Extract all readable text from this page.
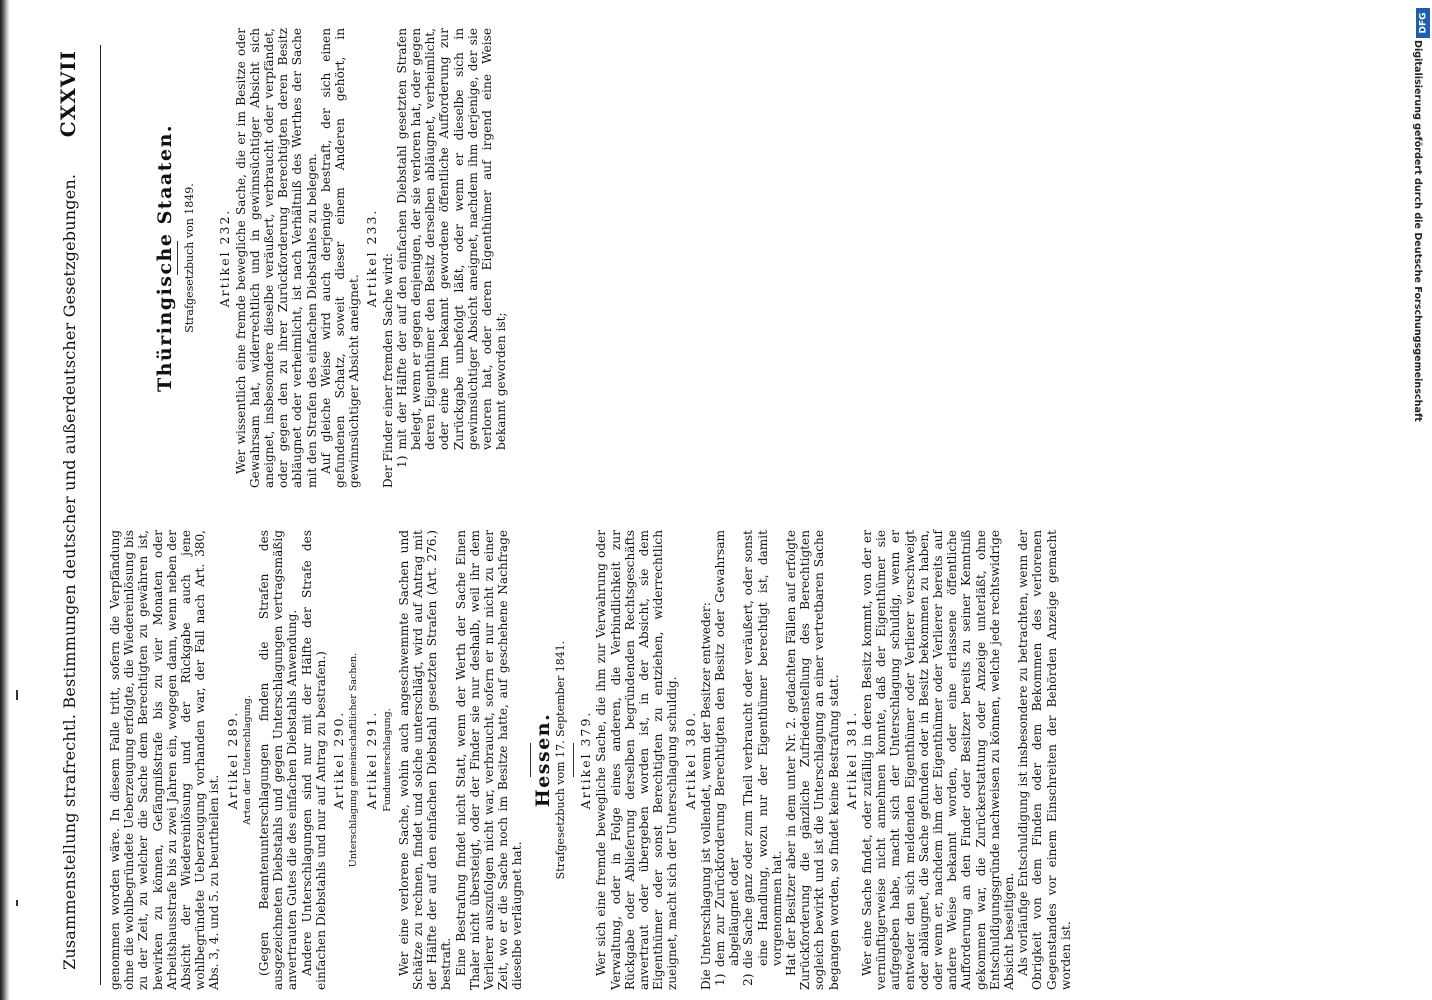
Zusammenstellung strafrechtl. Bestimmungen deutscher und außerdeutscher Gesetzgebungen.
CXXVII

genommen worden wäre. In diesem Falle tritt, sofern die Verpfändung ohne die wohlbegründete Ueberzeugung erfolgte, die Wiedereinlösung bis zu der Zeit, zu welcher die Sache dem Berechtigten zu gewähren ist, bewirken zu können, Gefängnißstrafe bis zu vier Monaten oder Arbeitshausstrafe bis zu zwei Jahren ein, wogegen dann, wenn neben der Absicht der Wiedereinlösung und der Rückgabe auch jene wohlbegründete Ueberzeugung vorhanden war, der Fall nach Art. 380, Abs. 3, 4. und 5. zu beurtheilen ist.

Artikel 289. Arten der Unterschlagung. (Gegen Beamtenunterschlagungen finden die Strafen des ausgezeichneten Diebstahls und gegen Unterschlagungen vertragsmäßig anvertrauten Gutes die des einfachen Diebstahls Anwendung. Andere Unterschlagungen sind nur mit der Hälfte der Strafe des einfachen Diebstahls und nur auf Antrag zu bestrafen.) Artikel 290. Unterschlagung gemeinschaftlicher Sachen. Artikel 291. Fundunterschlagung. Wer eine verlorene Sache, wohin auch angeschwemmte Sachen und Schätze zu rechnen, findet und solche unterschlägt, wird auf Antrag mit der Hälfte der auf den einfachen Diebstahl gesetzten Strafen (Art. 276.) bestraft. Eine Bestrafung findet nicht Statt, wenn der Werth der Sache Einen Thaler nicht übersteigt, oder der Finder sie nur deshalb, weil ihr dem Verlierer auszufolgen nicht war, verbraucht, sofern er nur nicht zu einer Zeit, wo er die Sache noch im Besitze hatte, auf geschehene Nachfrage dieselbe verläugnet hat.

Hessen. Strafgesetzbuch vom 17. September 1841. Artikel 379. Wer sich eine fremde bewegliche Sache, die ihm zur Verwahrung oder Verwaltung, oder in Folge eines anderen, die Verbindlichkeit zur Rückgabe oder Ablieferung derselben begründenden Rechtsgeschäfts anvertraut oder übergeben worden ist, in der Absicht, sie dem Eigenthümer oder sonst Berechtigten zu entziehen, widerrechtlich zueignet, macht sich der Unterschlagung schuldig. Artikel 380. Die Unterschlagung ist vollendet, wenn der Besitzer entweder: 1) dem zur Zurückforderung Berechtigten den Besitz oder Gewahrsam abgeläugnet oder 2) die Sache ganz oder zum Theil verbraucht oder veräußert, oder sonst eine Handlung, wozu nur der Eigenthümer berechtigt ist, damit vorgenommen hat. Hat der Besitzer aber in dem unter Nr. 2. gedachten Fällen auf erfolgte Zurückforderung die gänzliche Zufriedenstellung des Berechtigten sogleich bewirkt und ist die Unterschlagung an einer vertretbaren Sache begangen worden, so findet keine Bestrafung statt. Artikel 381. Wer eine Sache findet, oder zufällig in deren Besitz kommt, von der er vernünftigerweise nicht annehmen konnte, daß der Eigenthümer sie aufgegeben habe, macht sich der Unterschlagung schuldig, wenn er entweder den sich meldenden Eigenthümer oder Verlierer verschweigt oder abläugnet, die Sache gefunden oder in Besitz bekommen zu haben, oder wenn er, nachdem ihm der Eigenthümer oder Verlierer bereits auf andere Weise bekannt worden, oder eine erlassene öffentliche Aufforderung an den Finder oder Besitzer bereits zu seiner Kenntniß gekommen war, die Zurückerstattung oder Anzeige unterläßt, ohne Entschuldigungsgründe nachweisen zu können, welche jede rechtswidrige Absicht beseitigen. Als vorläufige Entschuldigung ist insbesondere zu betrachten, wenn der Obrigkeit von dem Finden oder dem Bekommen des verlorenen Gegenstandes vor einem Einschreiten der Behörden Anzeige gemacht worden ist.

Thüringische Staaten. Strafgesetzbuch von 1849. Artikel 232. Wer wissentlich eine fremde bewegliche Sache, die er im Besitze oder Gewahrsam hat, widerrechtlich und in gewinnsüchtiger Absicht sich aneignet, insbesondere dieselbe veräußert, verbraucht oder verpfändet, oder gegen den zu ihrer Zurückforderung Berechtigten deren Besitz abläugnet oder verheimlicht, ist nach Verhältniß des Werthes der Sache mit den Strafen des einfachen Diebstahles zu belegen. Auf gleiche Weise wird auch derjenige bestraft, der sich einen gefundenen Schatz, soweit dieser einem Anderen gehört, in gewinnsüchtiger Absicht aneignet.

Artikel 233. Der Finder einer fremden Sache wird: 1) mit der Hälfte der auf den einfachen Diebstahl gesetzten Strafen belegt, wenn er gegen denjenigen, der sie verloren hat, oder gegen deren Eigenthümer den Besitz derselben abläugnet, verheimlicht, oder eine ihm bekannt gewordene öffentliche Aufforderung zur Zurückgabe unbefolgt läßt, oder wenn er dieselbe sich in gewinnsüchtiger Absicht aneignet, nachdem ihm derjenige, der sie verloren hat, oder deren Eigenthümer auf irgend eine Weise bekannt geworden ist;

DFG
Digitalisierung gefördert durch die Deutsche Forschungsgemeinschaft
